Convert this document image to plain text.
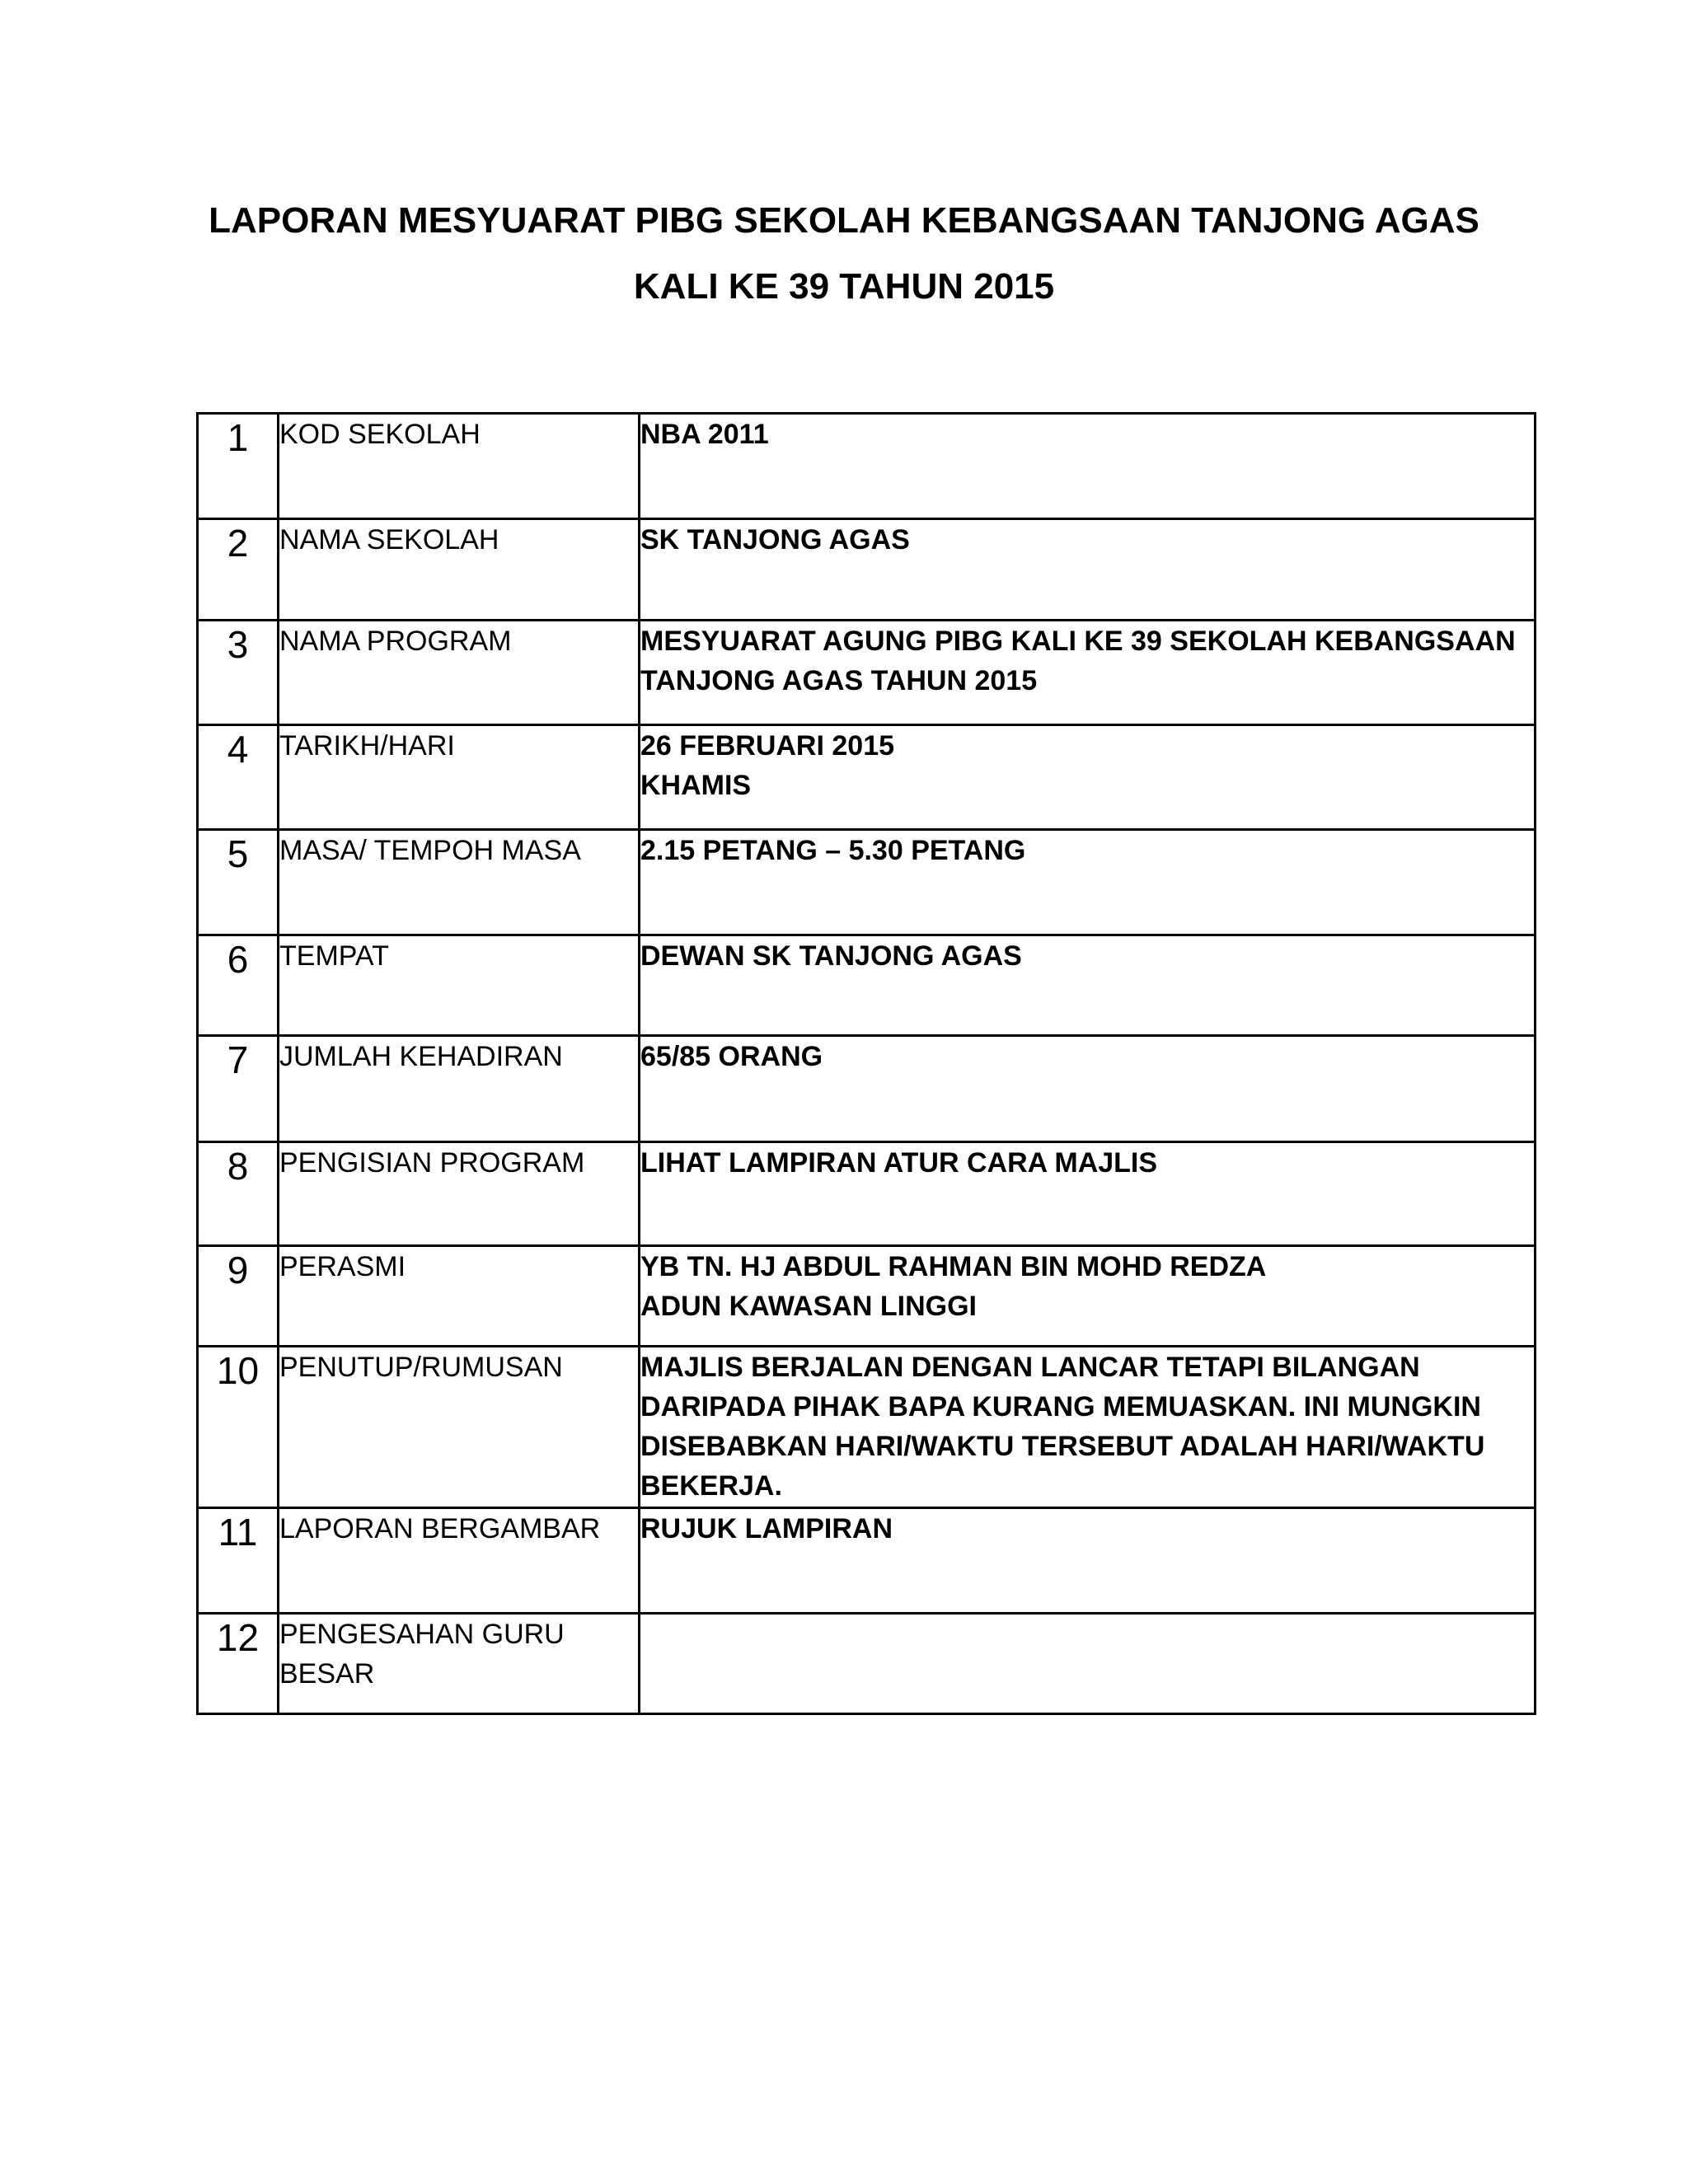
LAPORAN MESYUARAT PIBG SEKOLAH KEBANGSAAN TANJONG AGAS

KALI KE 39 TAHUN 2015

1	KOD SEKOLAH	NBA 2011

2	NAMA SEKOLAH	SK TANJONG AGAS

3	NAMA PROGRAM	MESYUARAT AGUNG PIBG KALI KE 39 SEKOLAH KEBANGSAAN
TANJONG AGAS TAHUN 2015

4	TARIKH/HARI	26 FEBRUARI 2015
KHAMIS

5	MASA/ TEMPOH MASA	2.15 PETANG – 5.30 PETANG

6	TEMPAT	DEWAN SK TANJONG AGAS

7	JUMLAH KEHADIRAN	65/85 ORANG

8	PENGISIAN PROGRAM	LIHAT LAMPIRAN ATUR CARA MAJLIS

9	PERASMI	YB TN. HJ ABDUL RAHMAN BIN MOHD REDZA
ADUN KAWASAN LINGGI

10	PENUTUP/RUMUSAN	MAJLIS BERJALAN DENGAN LANCAR TETAPI BILANGAN
DARIPADA PIHAK BAPA KURANG MEMUASKAN. INI MUNGKIN
DISEBABKAN HARI/WAKTU TERSEBUT ADALAH HARI/WAKTU
BEKERJA.

11	LAPORAN BERGAMBAR	RUJUK LAMPIRAN

12	PENGESAHAN GURU BESAR	
